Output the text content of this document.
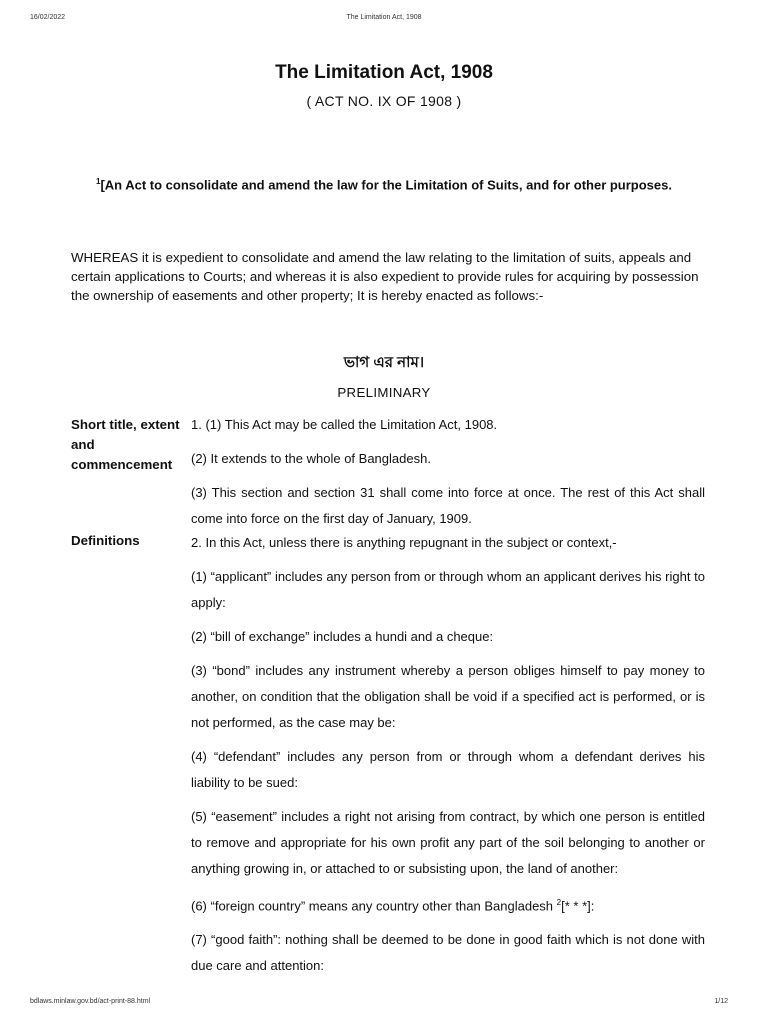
16/02/2022	The Limitation Act, 1908
The Limitation Act, 1908
( ACT NO. IX OF 1908 )
$^1$[An Act to consolidate and amend the law for the Limitation of Suits, and for other purposes.
WHEREAS it is expedient to consolidate and amend the law relating to the limitation of suits, appeals and certain applications to Courts; and whereas it is also expedient to provide rules for acquiring by possession the ownership of easements and other property; It is hereby enacted as follows:-
ভাগ এর নাম।
PRELIMINARY
Short title, extent and commencement

1. (1) This Act may be called the Limitation Act, 1908.

(2) It extends to the whole of Bangladesh.

(3) This section and section 31 shall come into force at once. The rest of this Act shall come into force on the first day of January, 1909.

Definitions	2. In this Act, unless there is anything repugnant in the subject or context,-

(1) “applicant” includes any person from or through whom an applicant derives his right to apply:

(2) “bill of exchange” includes a hundi and a cheque:

(3) “bond” includes any instrument whereby a person obliges himself to pay money to another, on condition that the obligation shall be void if a specified act is performed, or is not performed, as the case may be:

(4) “defendant” includes any person from or through whom a defendant derives his liability to be sued:

(5) “easement” includes a right not arising from contract, by which one person is entitled to remove and appropriate for his own profit any part of the soil belonging to another or anything growing in, or attached to or subsisting upon, the land of another:

(6) “foreign country” means any country other than Bangladesh $^2$[* * *]:

(7) “good faith”: nothing shall be deemed to be done in good faith which is not done with due care and attention:

bdlaws.minlaw.gov.bd/act-print-88.html	1/12
